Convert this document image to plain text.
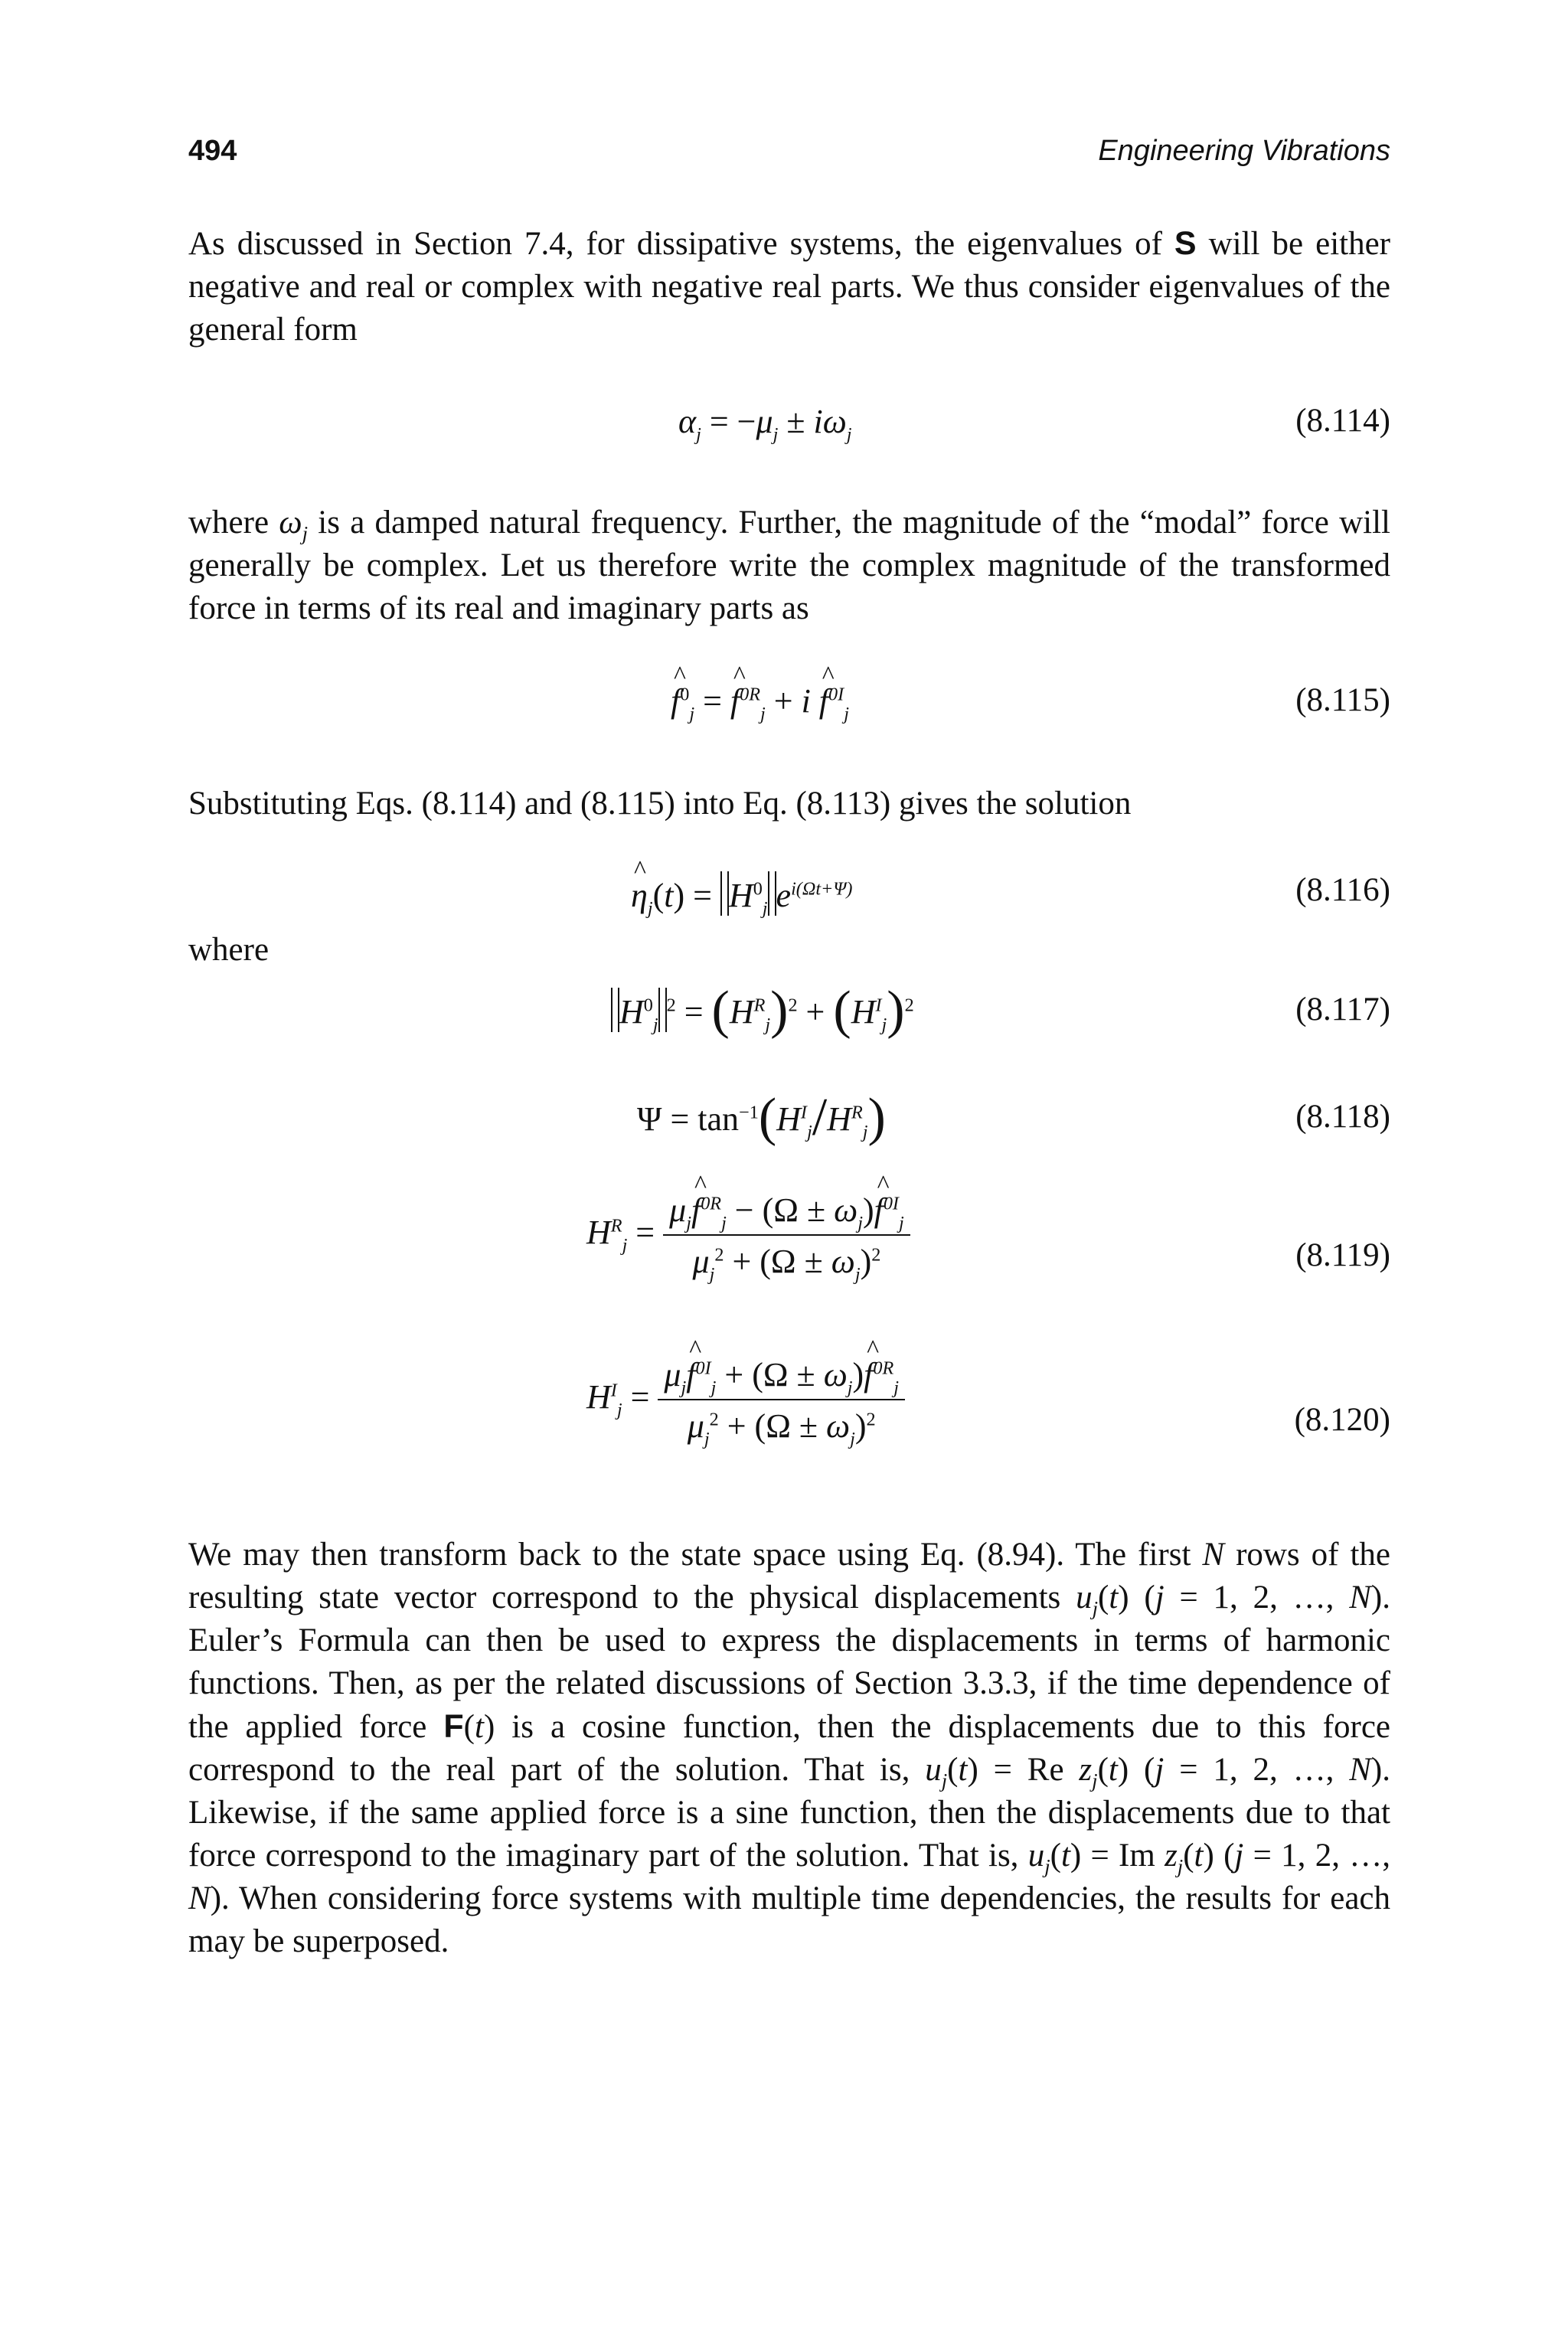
494	Engineering Vibrations

As discussed in Section 7.4, for dissipative systems, the eigenvalues of S will be either negative and real or complex with negative real parts. We thus consider eigenvalues of the general form

$\alpha_j = -\mu_j \pm i\omega_j$	(8.114)

where $\omega_j$ is a damped natural frequency. Further, the magnitude of the “modal” force will generally be complex. Let us therefore write the complex magnitude of the transformed force in terms of its real and imaginary parts as

^ $f^0_j$ = ^ $f^{0R}_j + i$ ^ $f^{0I}_j$	(8.115)

Substituting Eqs. (8.114) and (8.115) into Eq. (8.113) gives the solution

^ $\eta_j(t) = H^0_j$ $e^{i(\Omega t+\Psi)}$	(8.116)
where
$H^0_j^2 = (H^R_j)^2 + (H^I_j)^2$	(8.117)
$\Psi = \tan^{-1}(H^I_j/H^R_j)$	(8.118)
$H^R_j = \frac{\mu_j\^{} f^{0R}_j - (\Omega \pm \omega_j)\^{} f^{0I}_j}{\mu_j^2 + (\Omega \pm \omega_j)^2}$	(8.119)
$H^I_j = \frac{\mu_j\^{} f^{0I}_j + (\Omega \pm \omega_j)\^{} f^{0R}_j}{\mu_j^2 + (\Omega \pm \omega_j)^2}$	(8.120)

We may then transform back to the state space using Eq. (8.94). The first N rows of the resulting state vector correspond to the physical displacements $u_j(t) (j = 1$, 2, …, N). Euler’s Formula can then be used to express the displacements in terms of harmonic functions. Then, as per the related discussions of Section 3.3.3, if the time dependence of the applied force F(t) is a cosine function, then the displacements due to this force correspond to the real part of the solution. That is, $u_j(t) = Re$ $z_j(t) (j = 1$, 2, …, N). Likewise, if the same applied force is a sine function, then the displacements due to that force correspond to the imaginary part of the solution. That is, $u_j(t) = Im$ $z_j(t) (j = 1$, 2, …, N). When considering force systems with multiple time dependencies, the results for each may be superposed.
